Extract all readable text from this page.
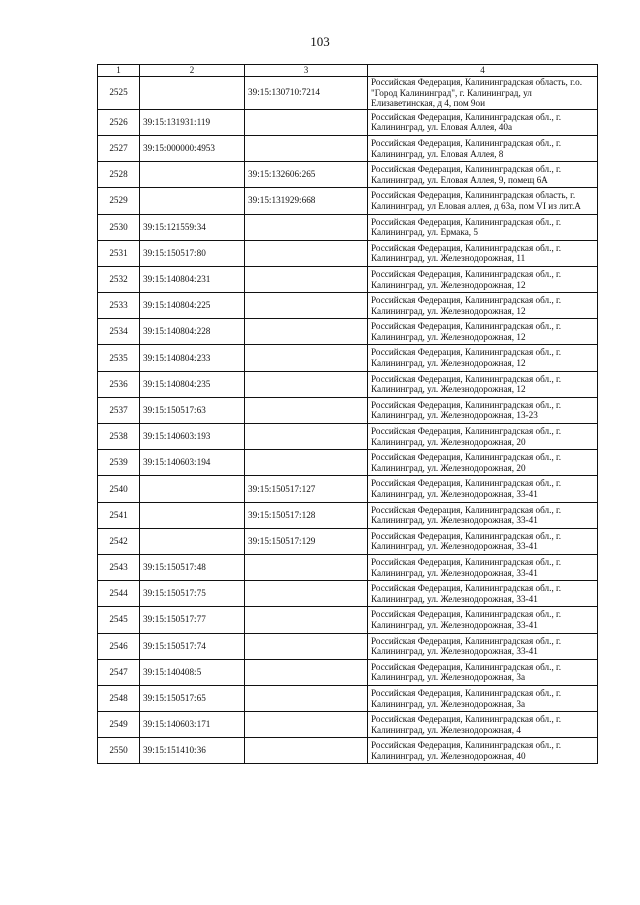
103
1	2	3	4
2525		39:15:130710:7214	Российская Федерация, Калининградская область, г.о. "Город Калининград", г. Калининград, ул Елизаветинская, д 4, пом 9ои
2526	39:15:131931:119		Российская Федерация, Калининградская обл., г. Калининград, ул. Еловая Аллея, 40а
2527	39:15:000000:4953		Российская Федерация, Калининградская обл., г. Калининград, ул. Еловая Аллея, 8
2528		39:15:132606:265	Российская Федерация, Калининградская обл., г. Калининград, ул. Еловая Аллея, 9, помещ 6А
2529		39:15:131929:668	Российская Федерация, Калининградская область, г. Калининград, ул Еловая аллея, д 63а, пом VI из лит.А
2530	39:15:121559:34		Российская Федерация, Калининградская обл., г. Калининград, ул. Ермака, 5
2531	39:15:150517:80		Российская Федерация, Калининградская обл., г. Калининград, ул. Железнодорожная, 11
2532	39:15:140804:231		Российская Федерация, Калининградская обл., г. Калининград, ул. Железнодорожная, 12
2533	39:15:140804:225		Российская Федерация, Калининградская обл., г. Калининград, ул. Железнодорожная, 12
2534	39:15:140804:228		Российская Федерация, Калининградская обл., г. Калининград, ул. Железнодорожная, 12
2535	39:15:140804:233		Российская Федерация, Калининградская обл., г. Калининград, ул. Железнодорожная, 12
2536	39:15:140804:235		Российская Федерация, Калининградская обл., г. Калининград, ул. Железнодорожная, 12
2537	39:15:150517:63		Российская Федерация, Калининградская обл., г. Калининград, ул. Железнодорожная, 13-23
2538	39:15:140603:193		Российская Федерация, Калининградская обл., г. Калининград, ул. Железнодорожная, 20
2539	39:15:140603:194		Российская Федерация, Калининградская обл., г. Калининград, ул. Железнодорожная, 20
2540		39:15:150517:127	Российская Федерация, Калининградская обл., г. Калининград, ул. Железнодорожная, 33-41
2541		39:15:150517:128	Российская Федерация, Калининградская обл., г. Калининград, ул. Железнодорожная, 33-41
2542		39:15:150517:129	Российская Федерация, Калининградская обл., г. Калининград, ул. Железнодорожная, 33-41
2543	39:15:150517:48		Российская Федерация, Калининградская обл., г. Калининград, ул. Железнодорожная, 33-41
2544	39:15:150517:75		Российская Федерация, Калининградская обл., г. Калининград, ул. Железнодорожная, 33-41
2545	39:15:150517:77		Российская Федерация, Калининградская обл., г. Калининград, ул. Железнодорожная, 33-41
2546	39:15:150517:74		Российская Федерация, Калининградская обл., г. Калининград, ул. Железнодорожная, 33-41
2547	39:15:140408:5		Российская Федерация, Калининградская обл., г. Калининград, ул. Железнодорожная, 3а
2548	39:15:150517:65		Российская Федерация, Калининградская обл., г. Калининград, ул. Железнодорожная, 3а
2549	39:15:140603:171		Российская Федерация, Калининградская обл., г. Калининград, ул. Железнодорожная, 4
2550	39:15:151410:36		Российская Федерация, Калининградская обл., г. Калининград, ул. Железнодорожная, 40
